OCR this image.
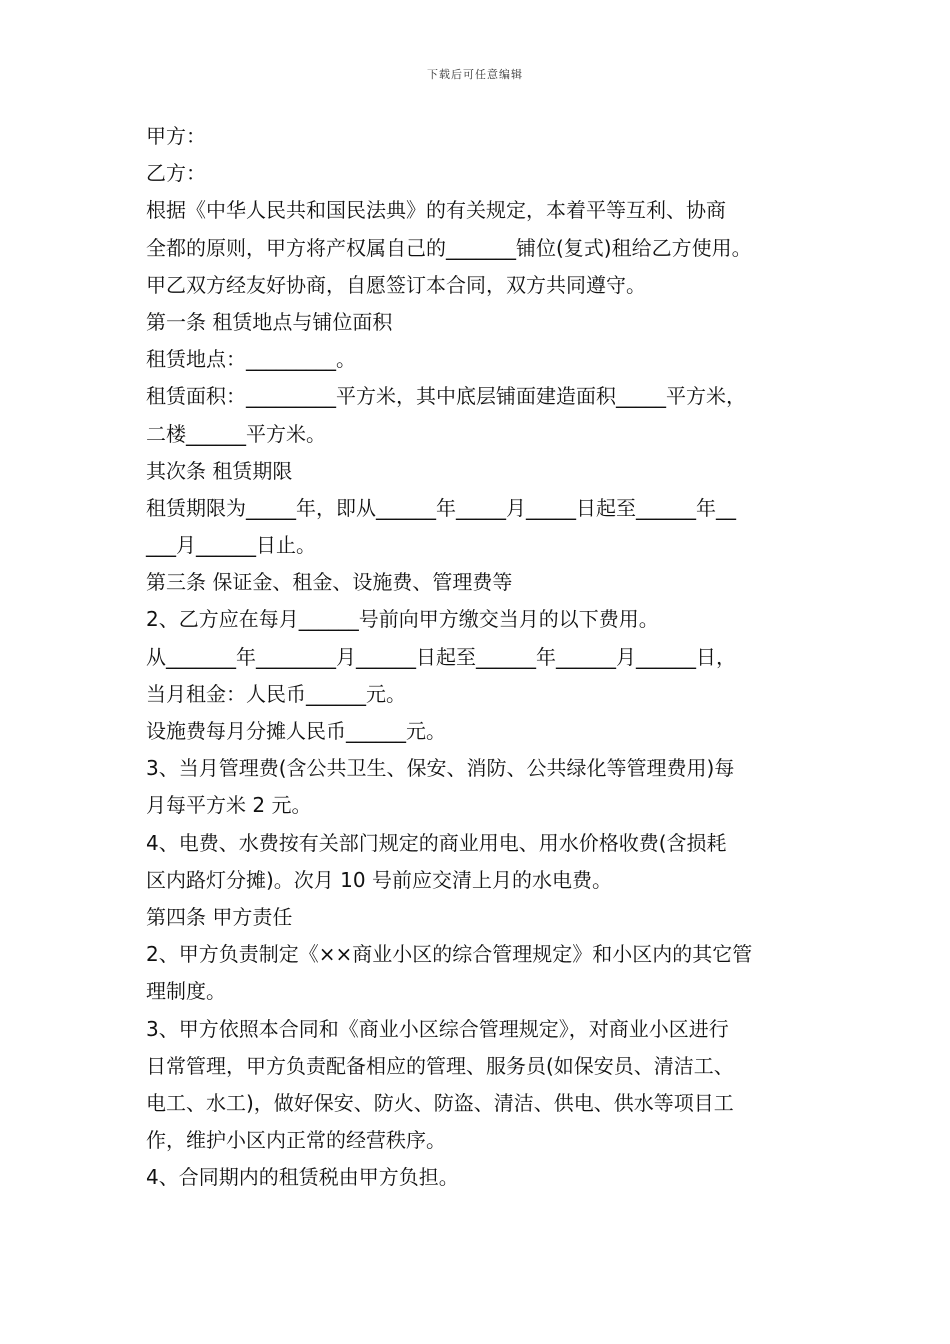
下载后可任意编辑
甲方：
乙方：
根据《中华人民共和国民法典》的有关规定，本着平等互利、协商
全都的原则，甲方将产权属自己的_______铺位(复式)租给乙方使用。
甲乙双方经友好协商，自愿签订本合同，双方共同遵守。
第一条 租赁地点与铺位面积
租赁地点：_________。
租赁面积：_________平方米，其中底层铺面建造面积_____平方米，
二楼______平方米。
其次条 租赁期限
租赁期限为_____年，即从______年_____月_____日起至______年__
___月______日止。
第三条 保证金、租金、设施费、管理费等
2、乙方应在每月______号前向甲方缴交当月的以下费用。
从_______年________月______日起至______年______月______日，
当月租金：人民币______元。
设施费每月分摊人民币______元。
3、当月管理费(含公共卫生、保安、消防、公共绿化等管理费用)每
月每平方米 2 元。
4、电费、水费按有关部门规定的商业用电、用水价格收费(含损耗
区内路灯分摊)。次月 10 号前应交清上月的水电费。
第四条 甲方责任
2、甲方负责制定《××商业小区的综合管理规定》和小区内的其它管
理制度。
3、甲方依照本合同和《商业小区综合管理规定》，对商业小区进行
日常管理，甲方负责配备相应的管理、服务员(如保安员、清洁工、
电工、水工)，做好保安、防火、防盗、清洁、供电、供水等项目工
作，维护小区内正常的经营秩序。
4、合同期内的租赁税由甲方负担。
